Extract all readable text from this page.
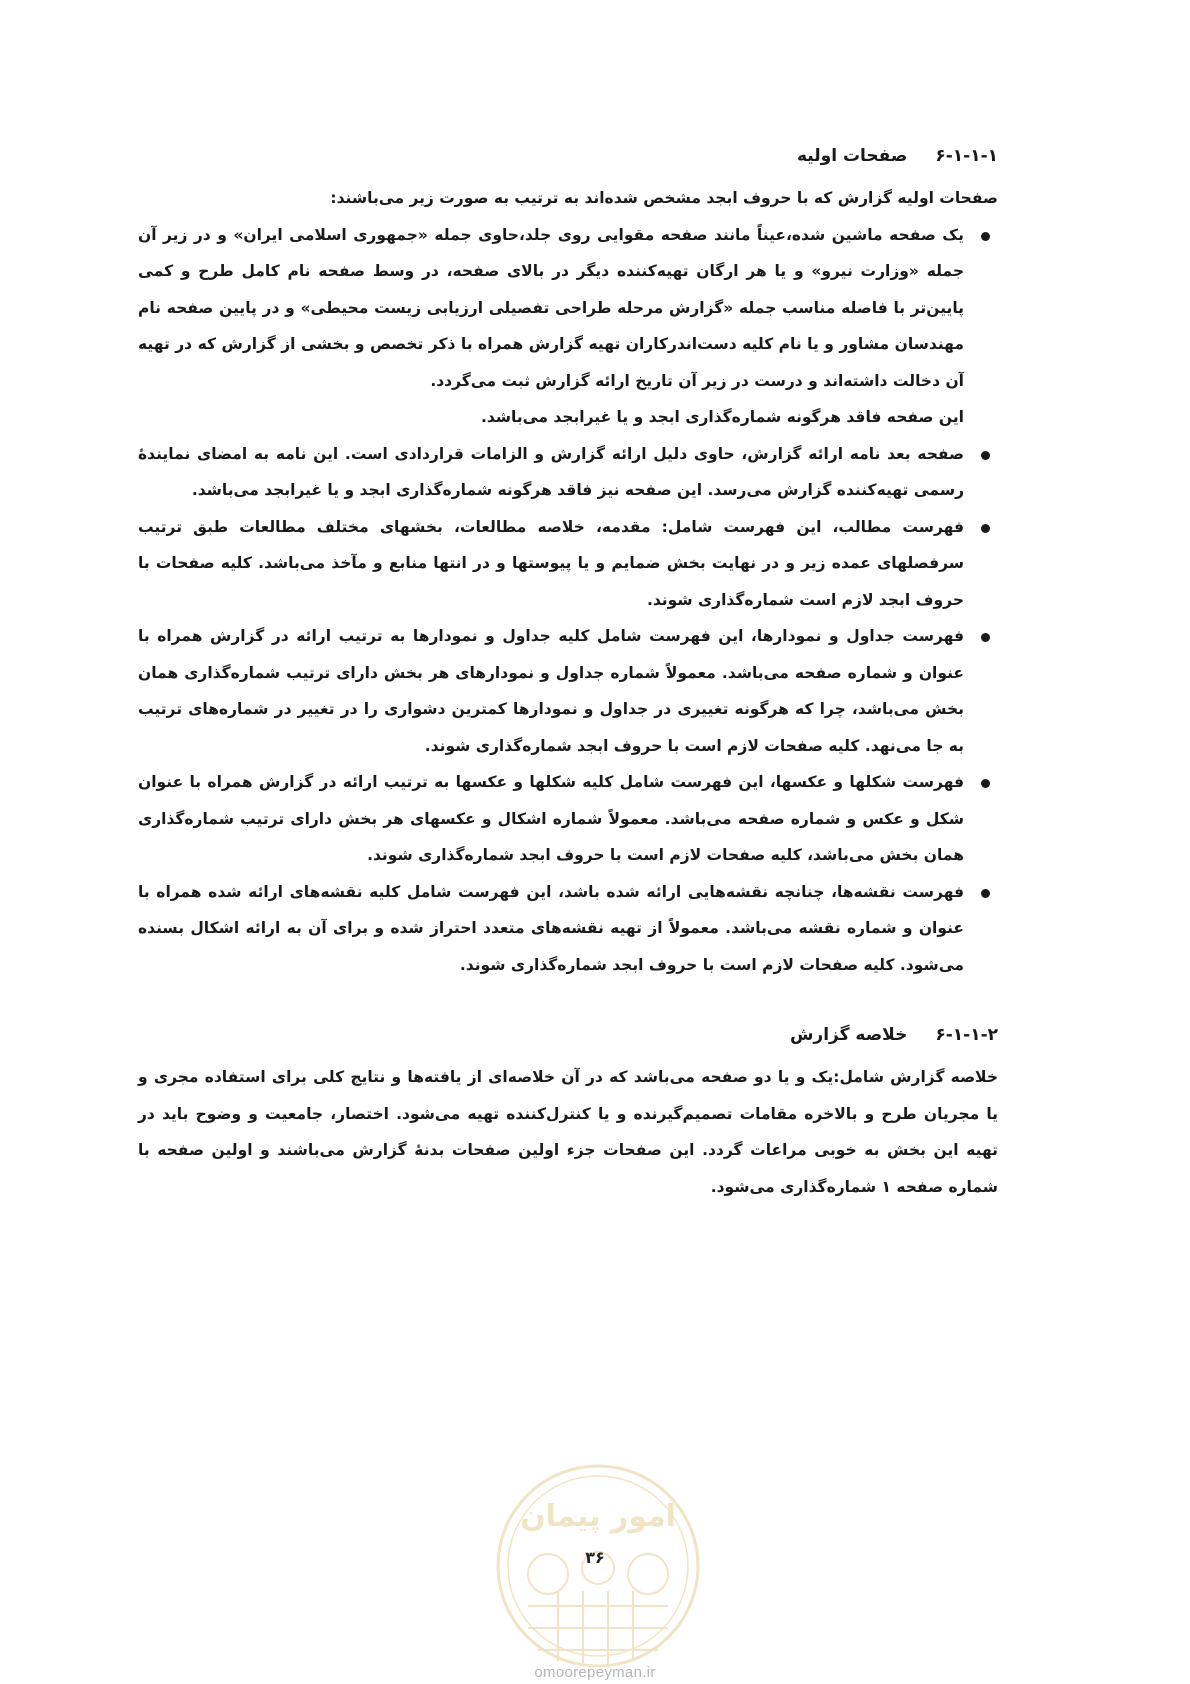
۶-۱-۱-۱
صفحات اولیه

صفحات اولیه گزارش که با حروف ابجد مشخص شده‌اند به ترتیب به صورت زیر می‌باشند:

یک صفحه ماشین شده،عیناً مانند صفحه مقوایی روی جلد،حاوی جمله «جمهوری اسلامی ایران» و در زیر آن جمله «وزارت نیرو» و یا هر ارگان تهیه‌کننده دیگر در بالای صفحه، در وسط صفحه نام کامل طرح و کمی پایین‌تر با فاصله مناسب جمله «گزارش مرحله طراحی تفصیلی ارزیابی زیست محیطی» و در پایین صفحه نام مهندسان مشاور و یا نام کلیه دست‌اندرکاران تهیه گزارش همراه با ذکر تخصص و بخشی از گزارش که در تهیه آن دخالت داشته‌اند و درست در زیر آن تاریخ ارائه گزارش ثبت می‌گردد.
این صفحه فاقد هرگونه شماره‌گذاری ابجد و یا غیرابجد می‌باشد.
صفحه بعد نامه ارائه گزارش، حاوی دلیل ارائه گزارش و الزامات قراردادی است. این نامه به امضای نمایندهٔ رسمی تهیه‌کننده گزارش می‌رسد. این صفحه نیز فاقد هرگونه شماره‌گذاری ابجد و یا غیرابجد می‌باشد.
فهرست مطالب، این فهرست شامل: مقدمه، خلاصه مطالعات، بخشهای مختلف مطالعات طبق ترتیب سرفصلهای عمده زیر و در نهایت بخش ضمایم و یا پیوستها و در انتها منابع و مآخذ می‌باشد. کلیه صفحات با حروف ابجد لازم است شماره‌گذاری شوند.
فهرست جداول و نمودارها، این فهرست شامل کلیه جداول و نمودارها به ترتیب ارائه در گزارش همراه با عنوان و شماره صفحه می‌باشد. معمولاً شماره جداول و نمودارهای هر بخش دارای ترتیب شماره‌گذاری همان بخش می‌باشد، چرا که هرگونه تغییری در جداول و نمودارها کمترین دشواری را در تغییر در شماره‌های ترتیب به جا می‌نهد. کلیه صفحات لازم است با حروف ابجد شماره‌گذاری شوند.
فهرست شکلها و عکسها، این فهرست شامل کلیه شکلها و عکسها به ترتیب ارائه در گزارش همراه با عنوان شکل و عکس و شماره صفحه می‌باشد. معمولاً شماره اشکال و عکسهای هر بخش دارای ترتیب شماره‌گذاری همان بخش می‌باشد، کلیه صفحات لازم است با حروف ابجد شماره‌گذاری شوند.
فهرست نقشه‌ها، چنانچه نقشه‌هایی ارائه شده باشد، این فهرست شامل کلیه نقشه‌های ارائه شده همراه با عنوان و شماره نقشه می‌باشد. معمولاً از تهیه نقشه‌های متعدد احتراز شده و برای آن به ارائه اشکال بسنده می‌شود. کلیه صفحات لازم است با حروف ابجد شماره‌گذاری شوند.
۶-۱-۱-۲
خلاصه گزارش

خلاصه گزارش شامل:یک و یا دو صفحه می‌باشد که در آن خلاصه‌ای از یافته‌ها و نتایج کلی برای استفاده مجری و یا مجریان طرح و بالاخره مقامات تصمیم‌گیرنده و یا کنترل‌کننده تهیه می‌شود. اختصار، جامعیت و وضوح باید در تهیه این بخش به خوبی مراعات گردد. این صفحات جزء اولین صفحات بدنهٔ گزارش می‌باشند و اولین صفحه با شماره صفحه ۱ شماره‌گذاری می‌شود.

امور پیمان
۳۶
omoorepeyman.ir
